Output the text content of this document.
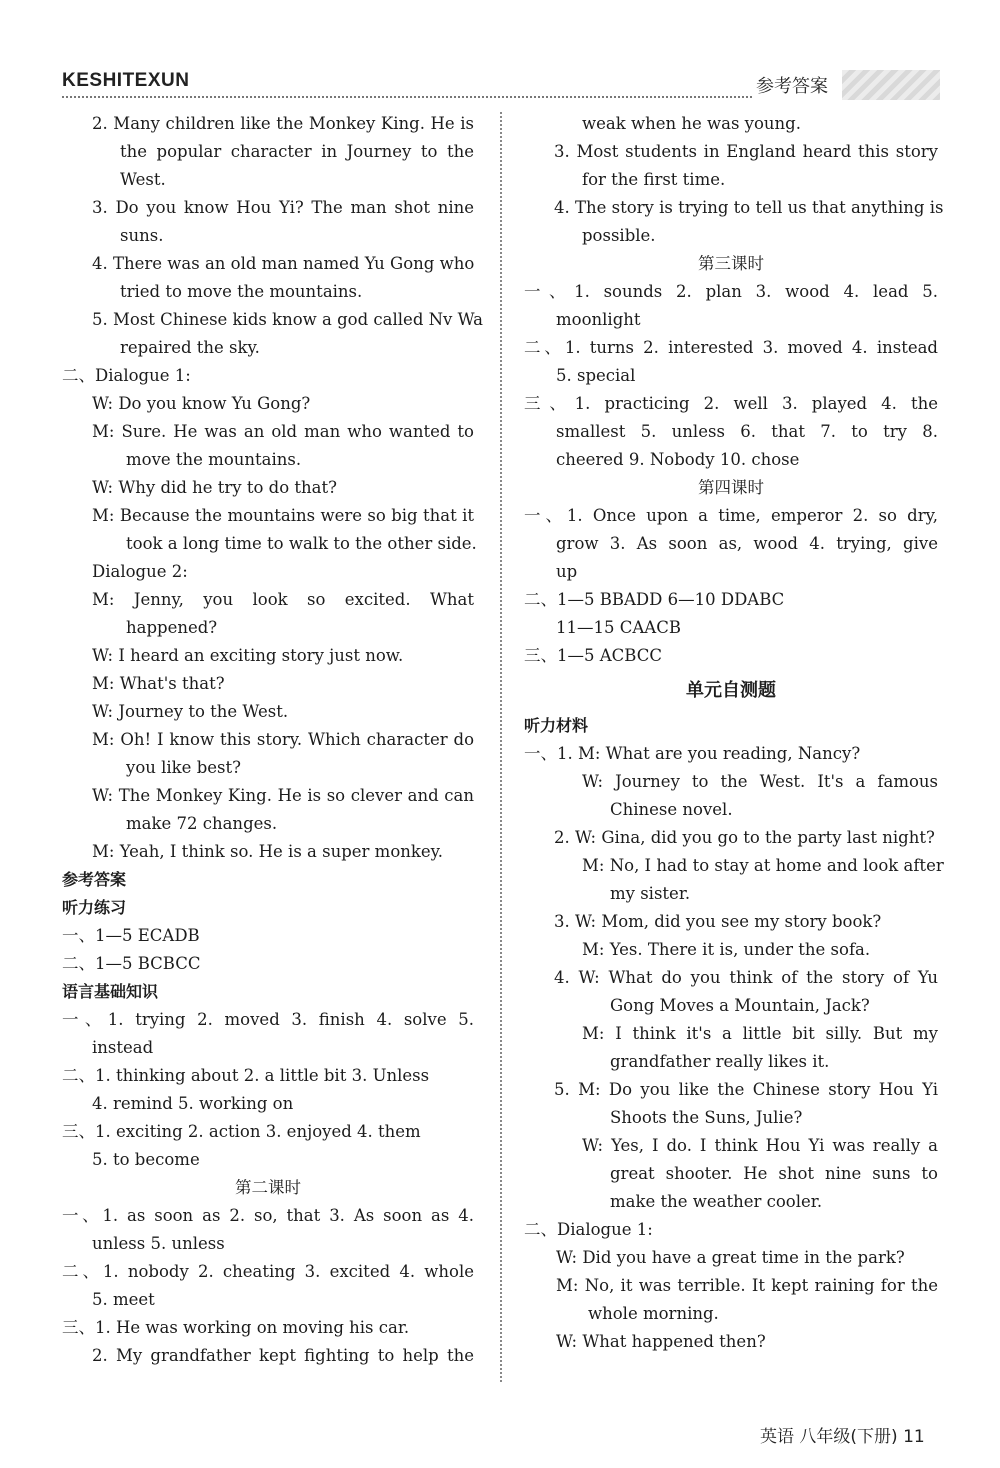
KESHITEXUN	参考答案
2. Many children like the Monkey King. He is
the popular character in Journey to the
West.
3. Do you know Hou Yi? The man shot nine
suns.
4. There was an old man named Yu Gong who
tried to move the mountains.
5. Most Chinese kids know a god called Nv Wa
repaired the sky.
二、Dialogue 1:
W: Do you know Yu Gong?
M: Sure. He was an old man who wanted to
move the mountains.
W: Why did he try to do that?
M: Because the mountains were so big that it
took a long time to walk to the other side.
Dialogue 2:
M: Jenny, you look so excited. What
happened?
W: I heard an exciting story just now.
M: What's that?
W: Journey to the West.
M: Oh! I know this story. Which character do
you like best?
W: The Monkey King. He is so clever and can
make 72 changes.
M: Yeah, I think so. He is a super monkey.
参考答案
听力练习
一、1—5 ECADB
二、1—5 BCBCC
语言基础知识
一、1. trying 2. moved 3. finish 4. solve 5.
instead
二、1. thinking about 2. a little bit 3. Unless
4. remind 5. working on
三、1. exciting 2. action 3. enjoyed 4. them
5. to become
第二课时
一、1. as soon as 2. so, that 3. As soon as 4.
unless 5. unless
二、1. nobody 2. cheating 3. excited 4. whole
5. meet
三、1. He was working on moving his car.
2. My grandfather kept fighting to help the
weak when he was young.
3. Most students in England heard this story
for the first time.
4. The story is trying to tell us that anything is
possible.
第三课时
一、1. sounds 2. plan 3. wood 4. lead 5.
moonlight
二、1. turns 2. interested 3. moved 4. instead
5. special
三、1. practicing 2. well 3. played 4. the
smallest 5. unless 6. that 7. to try 8.
cheered 9. Nobody 10. chose
第四课时
一、1. Once upon a time, emperor 2. so dry,
grow 3. As soon as, wood 4. trying, give
up
二、1—5 BBADD 6—10 DDABC
11—15 CAACB
三、1—5 ACBCC
单元自测题
听力材料
一、1. M: What are you reading, Nancy?
W: Journey to the West. It's a famous
Chinese novel.
2. W: Gina, did you go to the party last night?
M: No, I had to stay at home and look after
my sister.
3. W: Mom, did you see my story book?
M: Yes. There it is, under the sofa.
4. W: What do you think of the story of Yu
Gong Moves a Mountain, Jack?
M: I think it's a little bit silly. But my
grandfather really likes it.
5. M: Do you like the Chinese story Hou Yi
Shoots the Suns, Julie?
W: Yes, I do. I think Hou Yi was really a
great shooter. He shot nine suns to
make the weather cooler.
二、Dialogue 1:
W: Did you have a great time in the park?
M: No, it was terrible. It kept raining for the
whole morning.
W: What happened then?
英语 八年级(下册) 11
